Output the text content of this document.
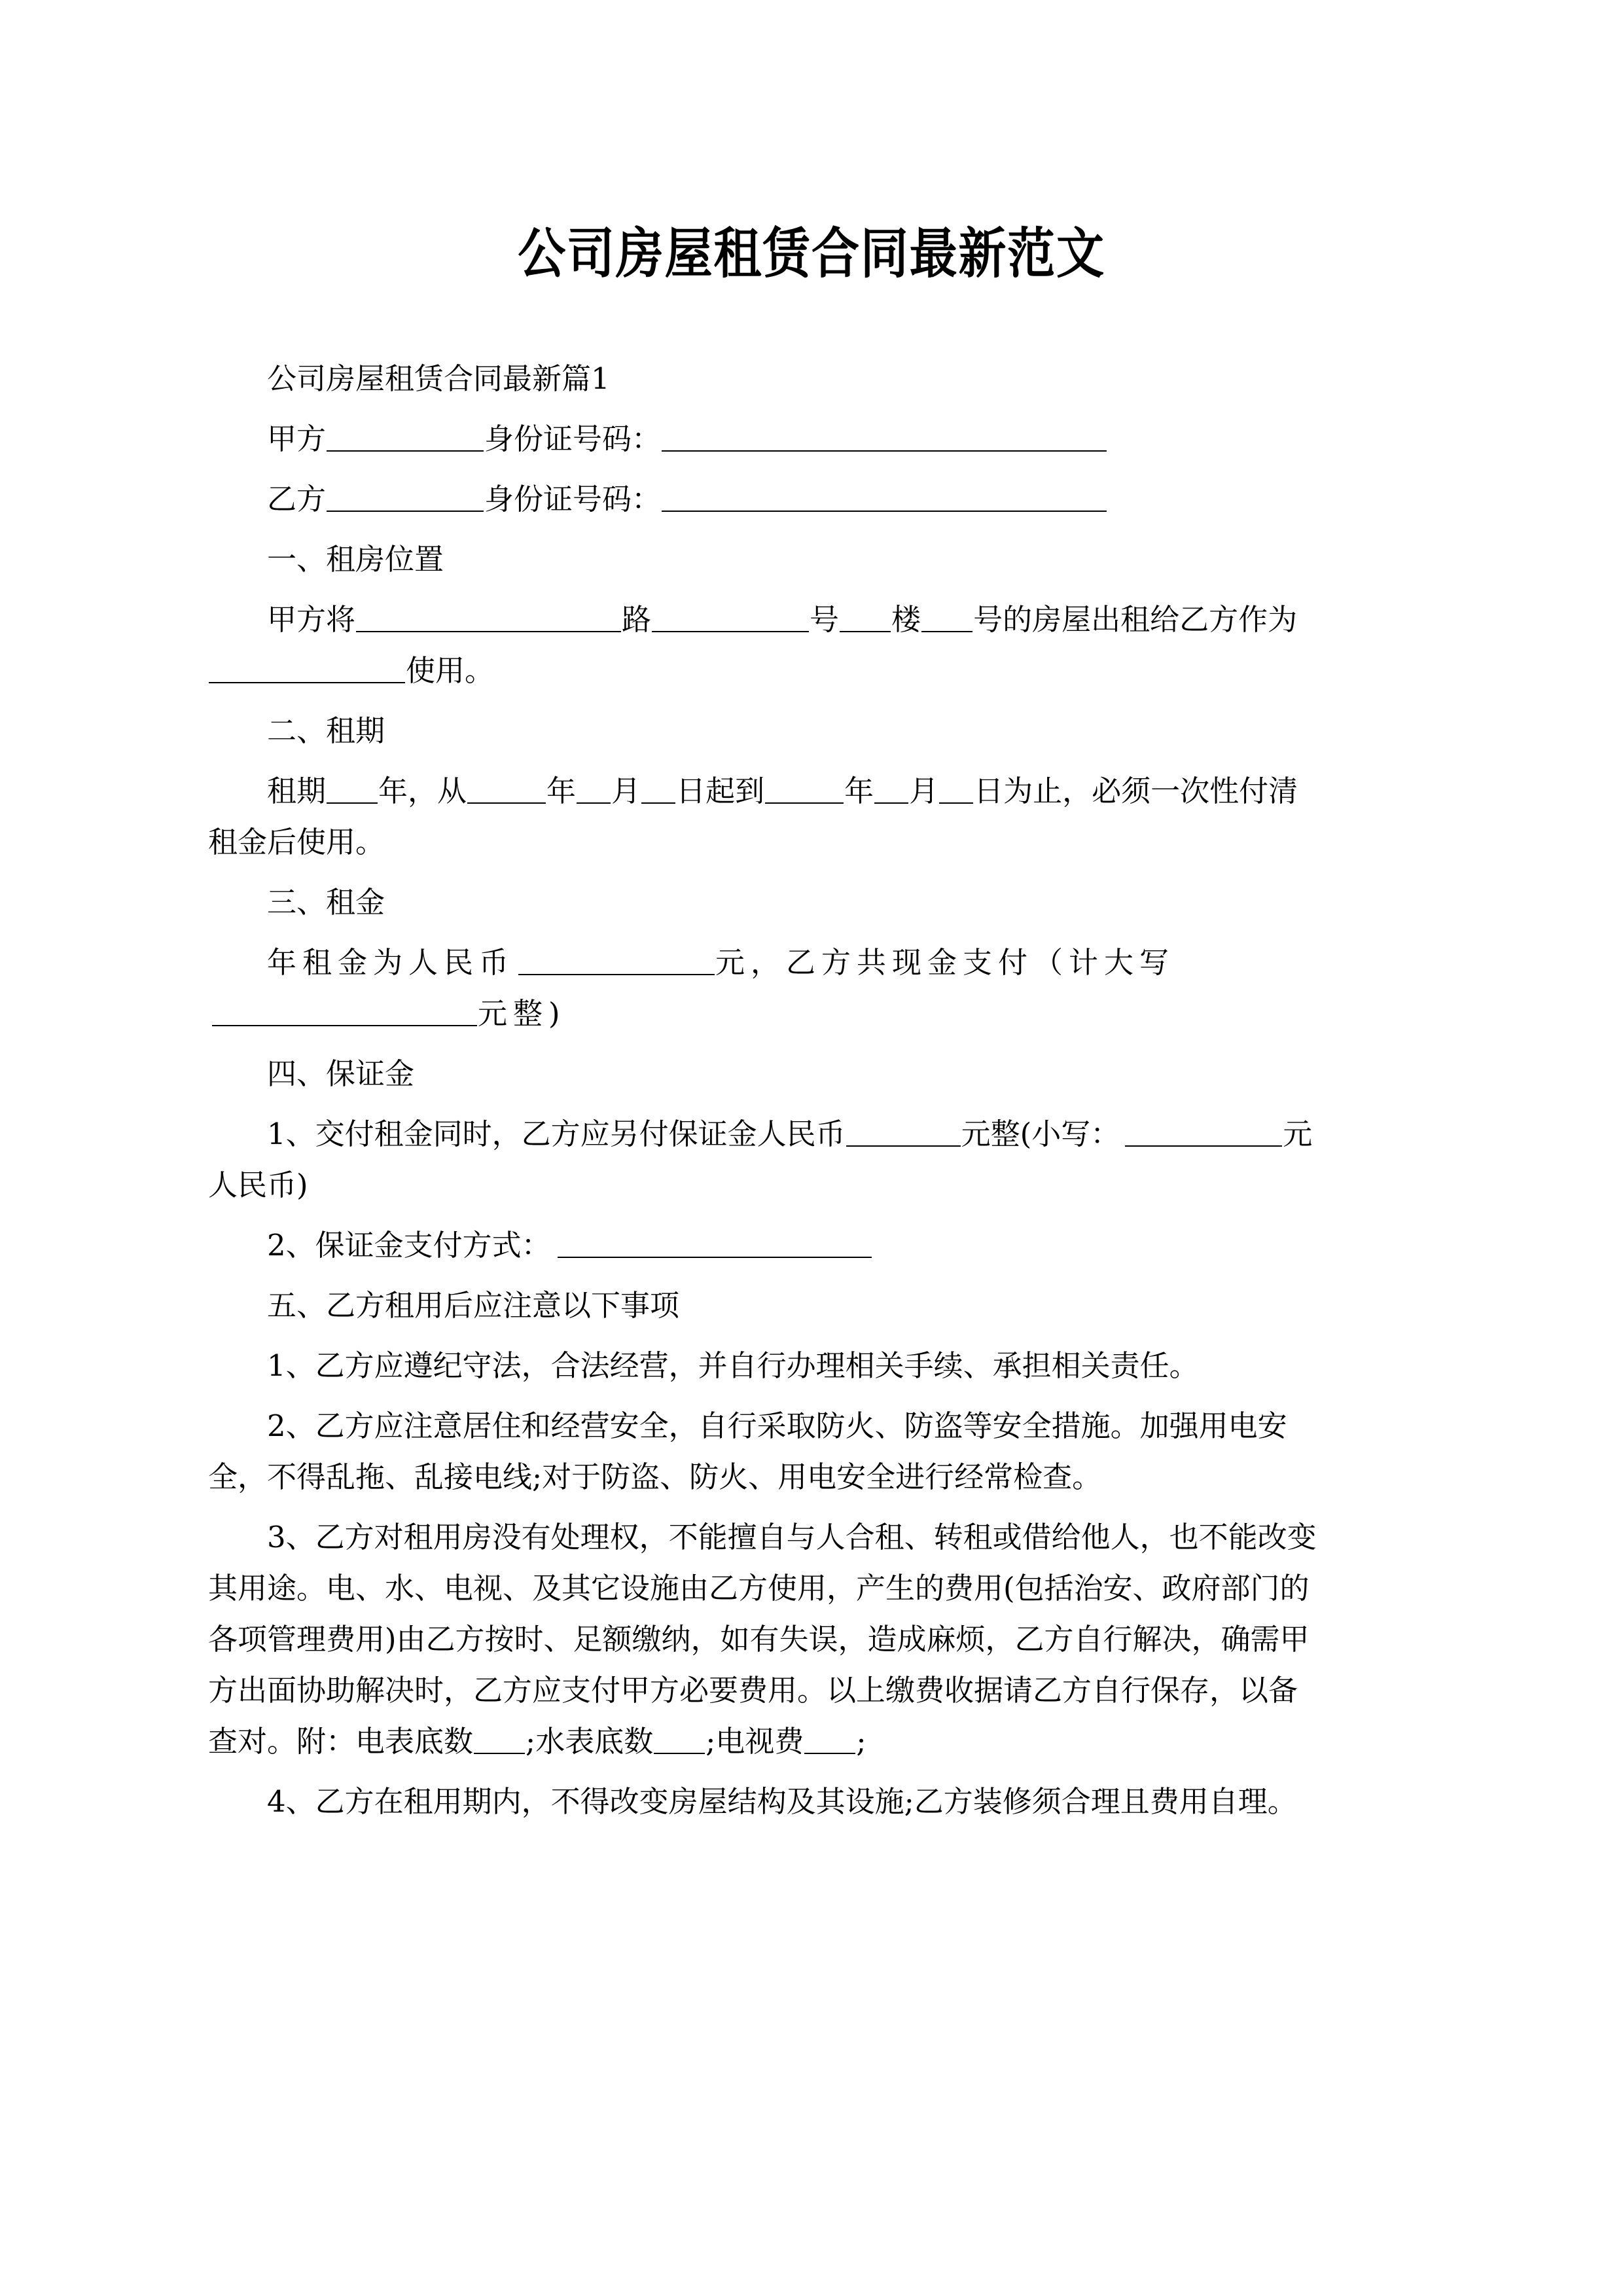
公司房屋租赁合同最新范文

公司房屋租赁合同最新篇1

甲方	身份证号码：

乙方	身份证号码：

一、租房位置

甲方将	路	号 楼 号的房屋出租给乙方作为使用。

二、租期

租期 年，从	年 月 日起到	年 月 日为止，必须一次性付清租金后使用。

三、租金

年租金为人民币	元，乙方共现金支付（计大写元整)

四、保证金

1、交付租金同时，乙方应另付保证金人民币	元整(小写：	元人民币)

2、保证金支付方式：

五、乙方租用后应注意以下事项

1、乙方应遵纪守法，合法经营，并自行办理相关手续、承担相关责任。

2、乙方应注意居住和经营安全，自行采取防火、防盗等安全措施。加强用电安全，不得乱拖、乱接电线;对于防盗、防火、用电安全进行经常检查。

3、乙方对租用房没有处理权，不能擅自与人合租、转租或借给他人，也不能改变其用途。电、水、电视、及其它设施由乙方使用，产生的费用(包括治安、政府部门的各项管理费用)由乙方按时、足额缴纳，如有失误，造成麻烦，乙方自行解决，确需甲方出面协助解决时，乙方应支付甲方必要费用。以上缴费收据请乙方自行保存，以备查对。附：电表底数 ;水表底数 ;电视费 ;

4、乙方在租用期内，不得改变房屋结构及其设施;乙方装修须合理且费用自理。
